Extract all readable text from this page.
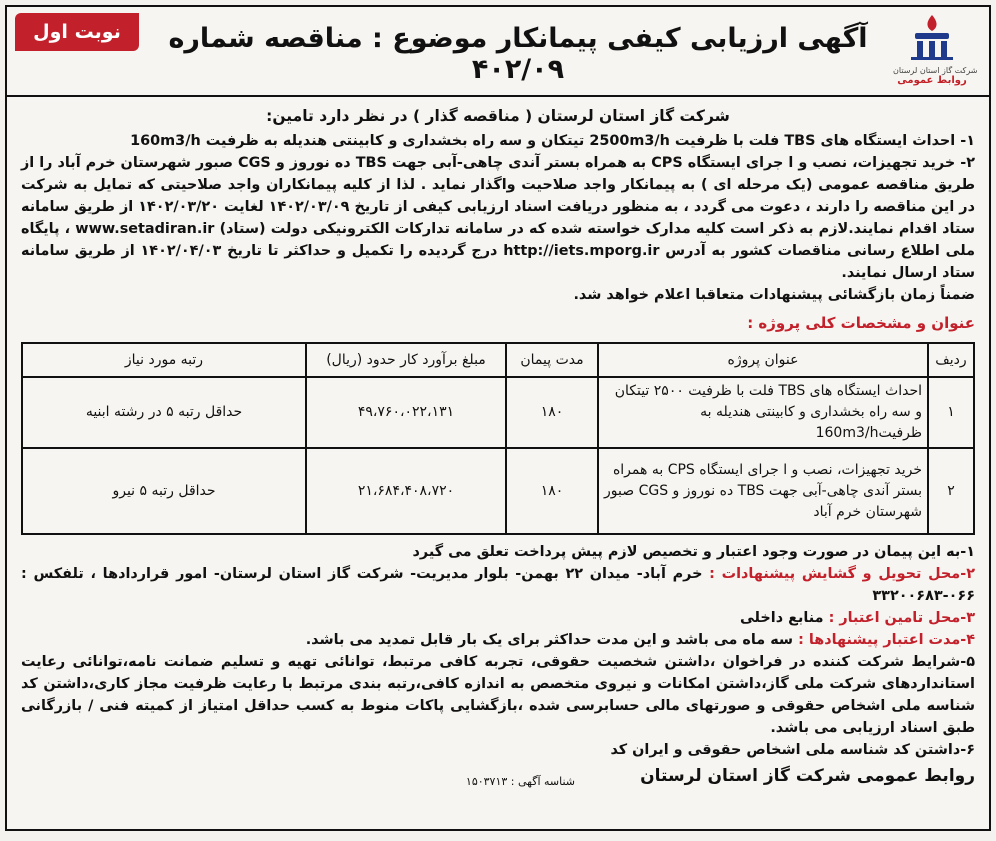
نوبت اول	آگهی ارزیابی کیفی پیمانکار موضوع : مناقصه شماره ۴۰۲/۰۹	شرکت گاز استان لرستان
روابط عمومی
شرکت گاز استان لرستان ( مناقصه گذار ) در نظر دارد تامین:

۱- احداث ایستگاه های TBS فلت با ظرفیت 2500m3/h تیتکان و سه راه بخشداری و کابینتی هندیله به ظرفیت 160m3/h

۲- خرید تجهیزات، نصب و ا جرای ایستگاه CPS به همراه بستر آندی چاهی-آبی جهت TBS ده نوروز و CGS صبور شهرستان خرم آباد را از طریق مناقصه عمومی (یک مرحله ای ) به پیمانکار واجد صلاحیت واگذار نماید . لذا از کلیه پیمانکاران واجد صلاحیتی که تمایل به شرکت در این مناقصه را دارند ، دعوت می گردد ، به منظور دریافت اسناد ارزیابی کیفی از تاریخ ۱۴۰۲/۰۳/۰۹ لغایت ۱۴۰۲/۰۳/۲۰ از طریق سامانه ستاد اقدام نمایند.لازم به ذکر است کلیه مدارک خواسته شده که در سامانه تدارکات الکترونیکی دولت (ستاد) www.setadiran.ir ، پایگاه ملی اطلاع رسانی مناقصات کشور به آدرس http://iets.mporg.ir درج گردیده را تکمیل و حداکثر تا تاریخ ۱۴۰۲/۰۴/۰۳ از طریق سامانه ستاد ارسال نمایند.

ضمناً زمان بازگشائی پیشنهادات متعاقبا اعلام خواهد شد.

عنوان و مشخصات کلی پروژه :
ردیف	عنوان پروژه	مدت پیمان	مبلغ برآورد کار حدود (ریال)	رتبه مورد نیاز
۱	احداث ایستگاه های TBS فلت با ظرفیت ۲۵۰۰ تیتکان و سه راه بخشداری و کابینتی هندیله به ظرفیت160m3/h	۱۸۰	۴۹،۷۶۰،۰۲۲،۱۳۱	حداقل رتبه ۵ در رشته ابنیه
۲	خرید تجهیزات، نصب و ا جرای ایستگاه CPS به همراه بستر آندی چاهی-آبی جهت TBS ده نوروز و CGS صبور شهرستان خرم آباد	۱۸۰	۲۱،۶۸۴،۴۰۸،۷۲۰	حداقل رتبه ۵ نیرو

۱-به این پیمان در صورت وجود اعتبار و تخصیص لازم پیش پرداخت تعلق می گیرد

۲-محل تحویل و گشایش پیشنهادات : خرم آباد- میدان ۲۲ بهمن- بلوار مدیریت- شرکت گاز استان لرستان- امور قراردادها ، تلفکس : ۰۶۶-۳۳۲۰۰۶۸۳

۳-محل تامین اعتبار : منابع داخلی

۴-مدت اعتبار پیشنهادها : سه ماه می باشد و این مدت حداکثر برای یک بار قابل تمدید می باشد.

۵-شرایط شرکت کننده در فراخوان ،داشتن شخصیت حقوقی، تجربه کافی مرتبط، توانائی تهیه و تسلیم ضمانت نامه،توانائی رعایت استانداردهای شرکت ملی گاز،داشتن امکانات و نیروی متخصص به اندازه کافی،رتبه بندی مرتبط با رعایت ظرفیت مجاز کاری،داشتن کد شناسه ملی اشخاص حقوقی و صورتهای مالی حسابرسی شده ،بازگشایی پاکات منوط به کسب حداقل امتیاز از کمیته فنی / بازرگانی طبق اسناد ارزیابی می باشد.

۶-داشتن کد شناسه ملی اشخاص حقوقی و ایران کد

روابط عمومی شرکت گاز استان لرستان
شناسه آگهی : ۱۵۰۳۷۱۳
